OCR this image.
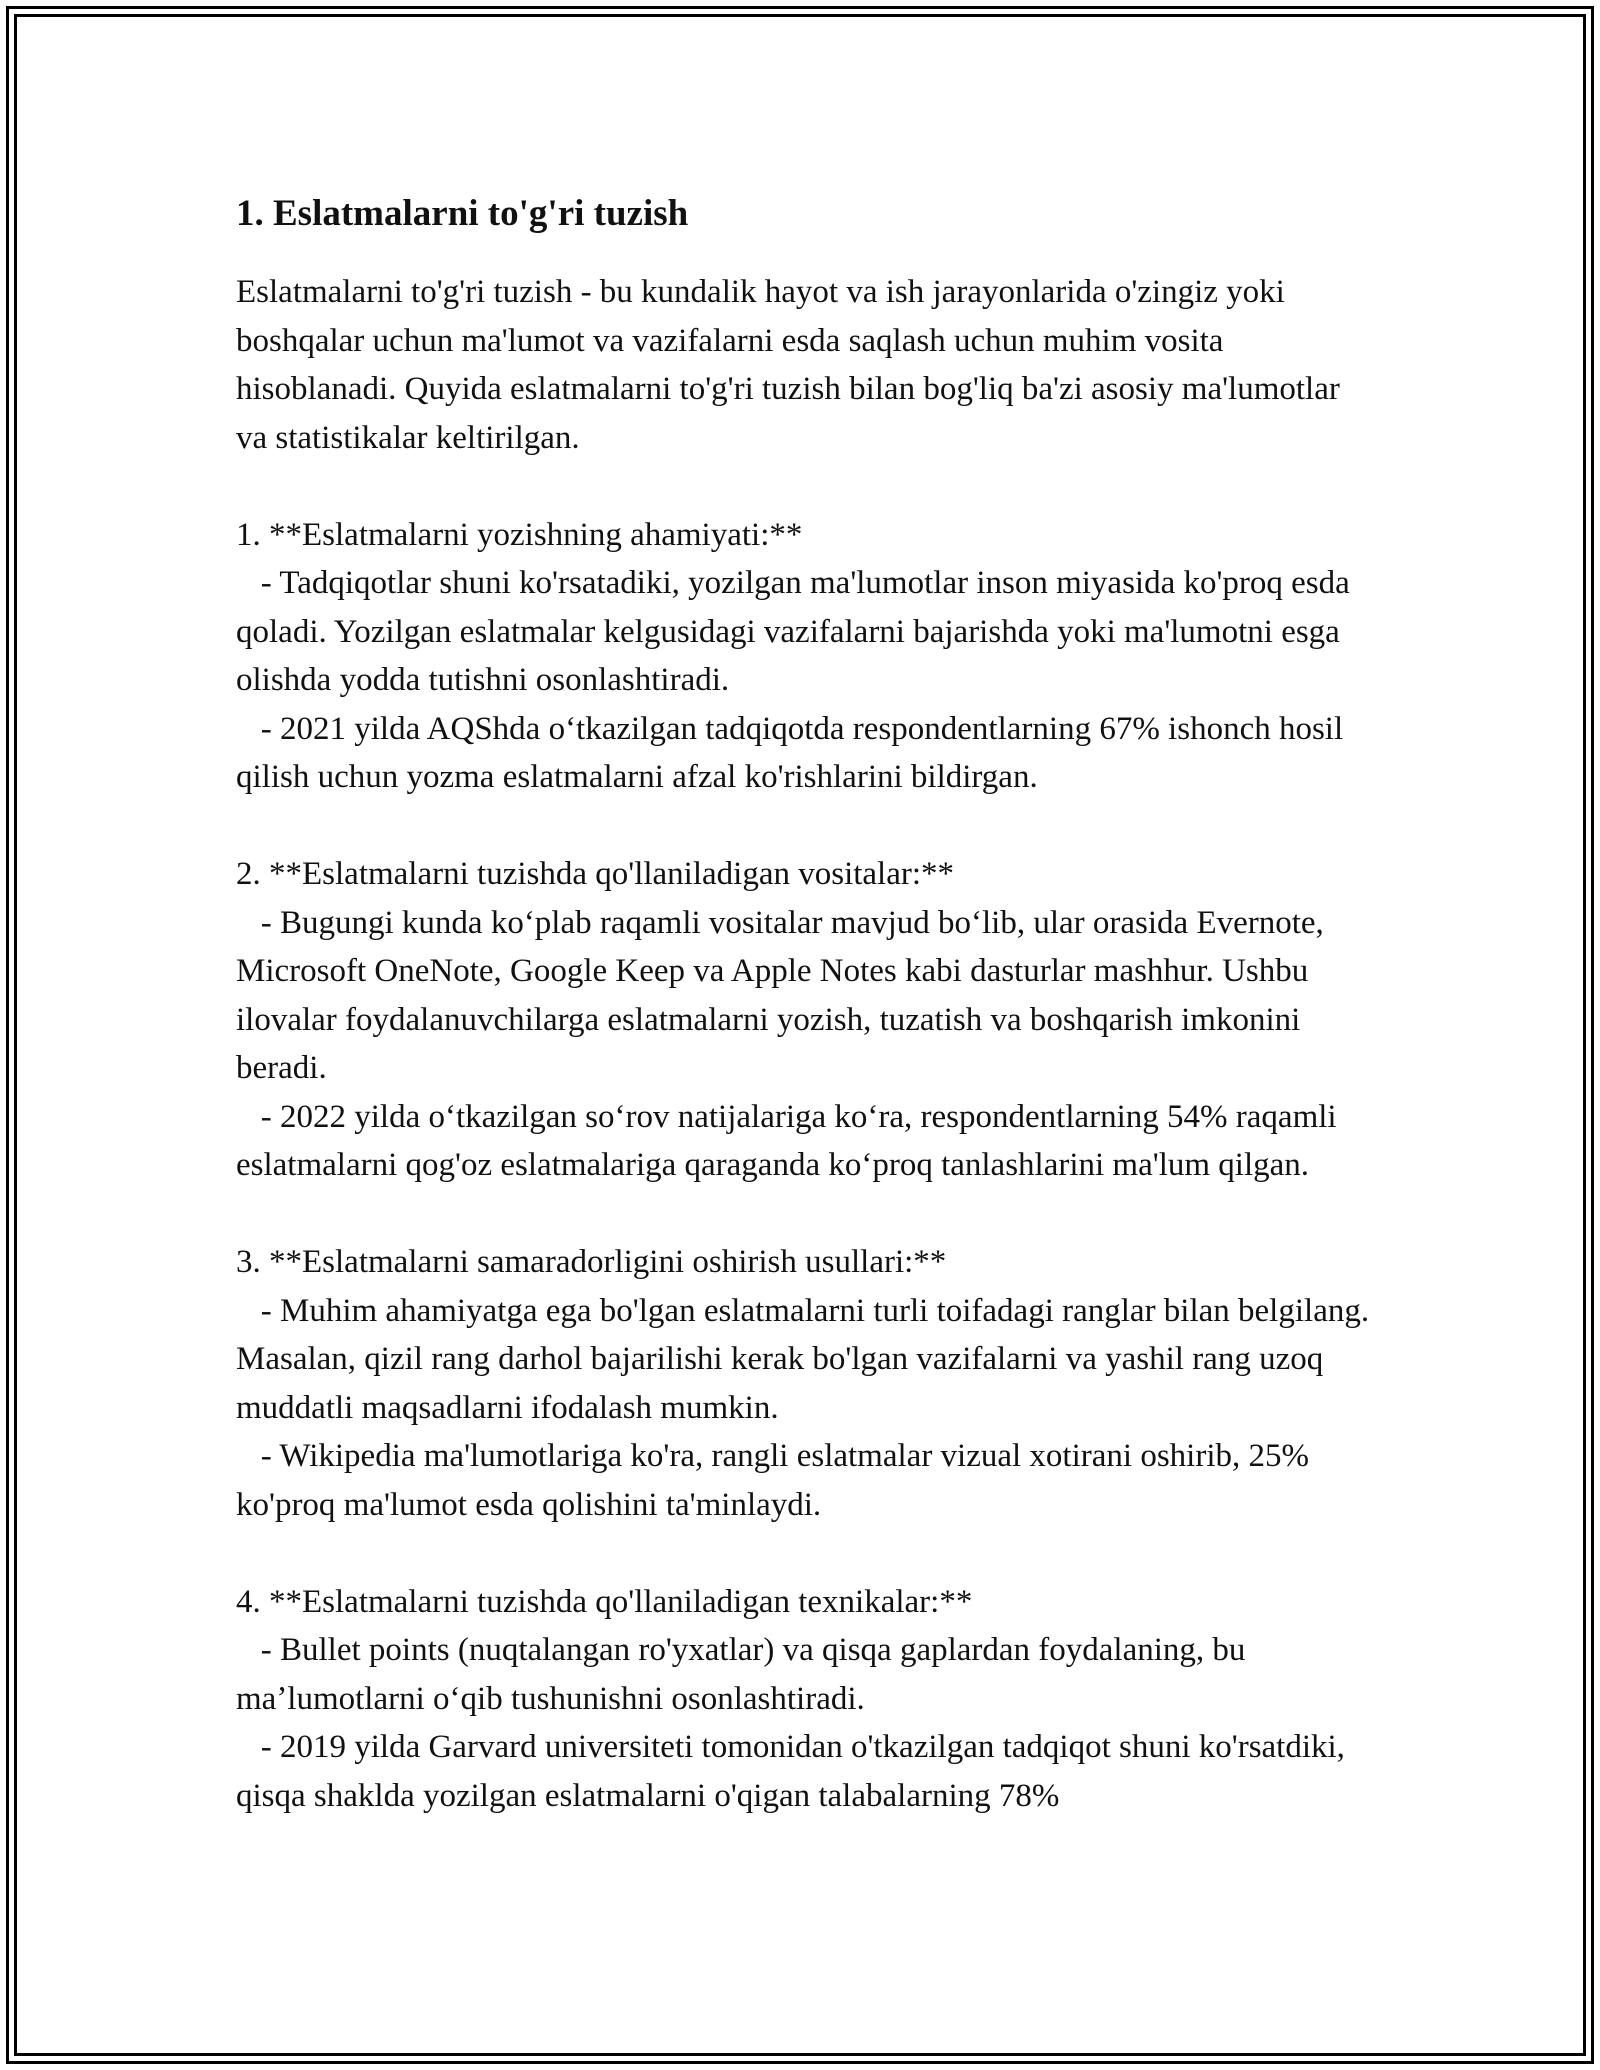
1. Eslatmalarni to'g'ri tuzish

Eslatmalarni to'g'ri tuzish - bu kundalik hayot va ish jarayonlarida o'zingiz yoki boshqalar uchun ma'lumot va vazifalarni esda saqlash uchun muhim vosita hisoblanadi. Quyida eslatmalarni to'g'ri tuzish bilan bog'liq ba'zi asosiy ma'lumotlar va statistikalar keltirilgan.

1. **Eslatmalarni yozishning ahamiyati:**

- Tadqiqotlar shuni ko'rsatadiki, yozilgan ma'lumotlar inson miyasida ko'proq esda qoladi. Yozilgan eslatmalar kelgusidagi vazifalarni bajarishda yoki ma'lumotni esga olishda yodda tutishni osonlashtiradi.

- 2021 yilda AQShda oʻtkazilgan tadqiqotda respondentlarning 67% ishonch hosil qilish uchun yozma eslatmalarni afzal ko'rishlarini bildirgan.

2. **Eslatmalarni tuzishda qo'llaniladigan vositalar:**

- Bugungi kunda koʻplab raqamli vositalar mavjud boʻlib, ular orasida Evernote, Microsoft OneNote, Google Keep va Apple Notes kabi dasturlar mashhur. Ushbu ilovalar foydalanuvchilarga eslatmalarni yozish, tuzatish va boshqarish imkonini beradi.

- 2022 yilda oʻtkazilgan soʻrov natijalariga koʻra, respondentlarning 54% raqamli eslatmalarni qog'oz eslatmalariga qaraganda koʻproq tanlashlarini ma'lum qilgan.

3. **Eslatmalarni samaradorligini oshirish usullari:**

- Muhim ahamiyatga ega bo'lgan eslatmalarni turli toifadagi ranglar bilan belgilang. Masalan, qizil rang darhol bajarilishi kerak bo'lgan vazifalarni va yashil rang uzoq muddatli maqsadlarni ifodalash mumkin.

- Wikipedia ma'lumotlariga ko'ra, rangli eslatmalar vizual xotirani oshirib, 25% ko'proq ma'lumot esda qolishini ta'minlaydi.

4. **Eslatmalarni tuzishda qo'llaniladigan texnikalar:**

- Bullet points (nuqtalangan ro'yxatlar) va qisqa gaplardan foydalaning, bu maʼlumotlarni oʻqib tushunishni osonlashtiradi.

- 2019 yilda Garvard universiteti tomonidan o'tkazilgan tadqiqot shuni ko'rsatdiki, qisqa shaklda yozilgan eslatmalarni o'qigan talabalarning 78%
